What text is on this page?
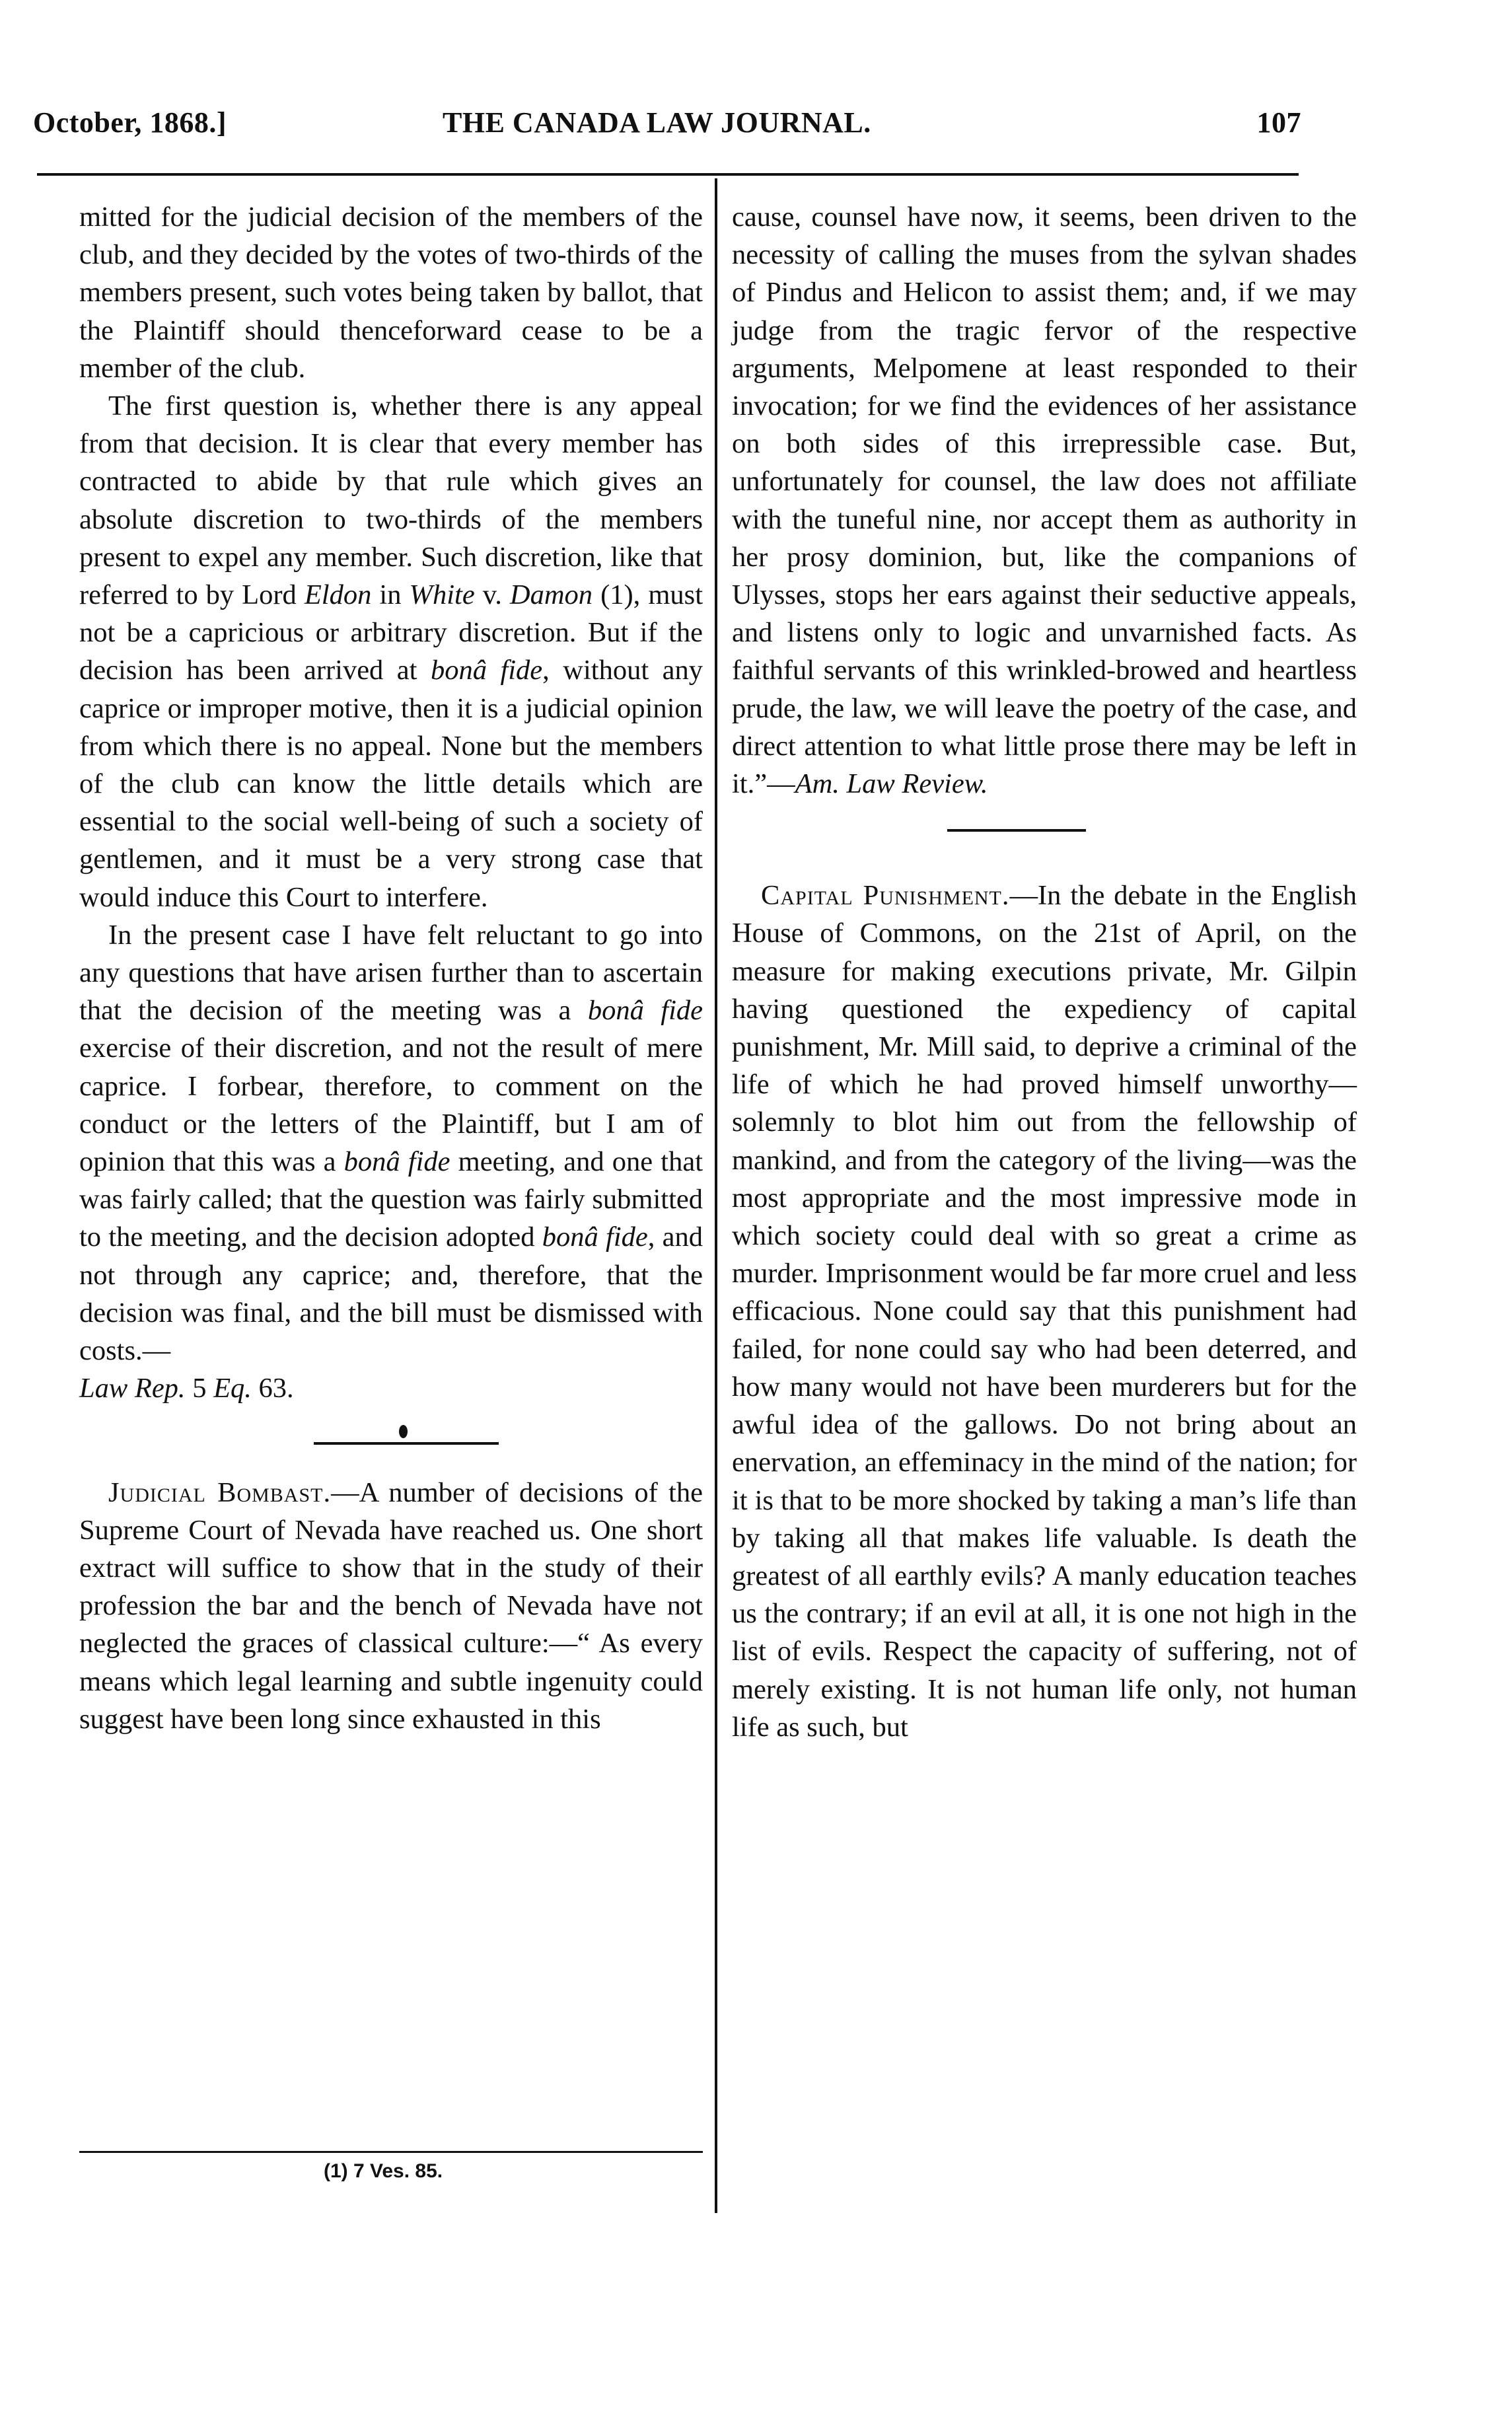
October, 1868.]	THE CANADA LAW JOURNAL.	107

mitted for the judicial decision of the members of the club, and they decided by the votes of two-thirds of the members present, such votes being taken by ballot, that the Plaintiff should thenceforward cease to be a member of the club.

The first question is, whether there is any appeal from that decision. It is clear that every member has contracted to abide by that rule which gives an absolute discretion to two-thirds of the members present to expel any member. Such discretion, like that referred to by Lord Eldon in White v. Damon (1), must not be a capricious or arbitrary discretion. But if the decision has been arrived at bonâ fide, without any caprice or improper motive, then it is a judicial opinion from which there is no appeal. None but the members of the club can know the little details which are essential to the social well-being of such a society of gentlemen, and it must be a very strong case that would induce this Court to interfere.

In the present case I have felt reluctant to go into any questions that have arisen further than to ascertain that the decision of the meeting was a bonâ fide exercise of their discretion, and not the result of mere caprice. I forbear, therefore, to comment on the conduct or the letters of the Plaintiff, but I am of opinion that this was a bonâ fide meeting, and one that was fairly called; that the question was fairly submitted to the meeting, and the decision adopted bonâ fide, and not through any caprice; and, therefore, that the decision was final, and the bill must be dismissed with costs.—
Law Rep. 5 Eq. 63.

Judicial Bombast.—A number of decisions of the Supreme Court of Nevada have reached us. One short extract will suffice to show that in the study of their profession the bar and the bench of Nevada have not neglected the graces of classical culture:—“ As every means which legal learning and subtle ingenuity could suggest have been long since exhausted in this

(1) 7 Ves. 85.

cause, counsel have now, it seems, been driven to the necessity of calling the muses from the sylvan shades of Pindus and Helicon to assist them; and, if we may judge from the tragic fervor of the respective arguments, Melpomene at least responded to their invocation; for we find the evidences of her assistance on both sides of this irrepressible case. But, unfortunately for counsel, the law does not affiliate with the tuneful nine, nor accept them as authority in her prosy dominion, but, like the companions of Ulysses, stops her ears against their seductive appeals, and listens only to logic and unvarnished facts. As faithful servants of this wrinkled-browed and heartless prude, the law, we will leave the poetry of the case, and direct attention to what little prose there may be left in it.”—Am. Law Review.

Capital Punishment.—In the debate in the English House of Commons, on the 21st of April, on the measure for making executions private, Mr. Gilpin having questioned the expediency of capital punishment, Mr. Mill said, to deprive a criminal of the life of which he had proved himself unworthy—solemnly to blot him out from the fellowship of mankind, and from the category of the living—was the most appropriate and the most impressive mode in which society could deal with so great a crime as murder. Imprisonment would be far more cruel and less efficacious. None could say that this punishment had failed, for none could say who had been deterred, and how many would not have been murderers but for the awful idea of the gallows. Do not bring about an enervation, an effeminacy in the mind of the nation; for it is that to be more shocked by taking a man’s life than by taking all that makes life valuable. Is death the greatest of all earthly evils? A manly education teaches us the contrary; if an evil at all, it is one not high in the list of evils. Respect the capacity of suffering, not of merely existing. It is not human life only, not human life as such, but
